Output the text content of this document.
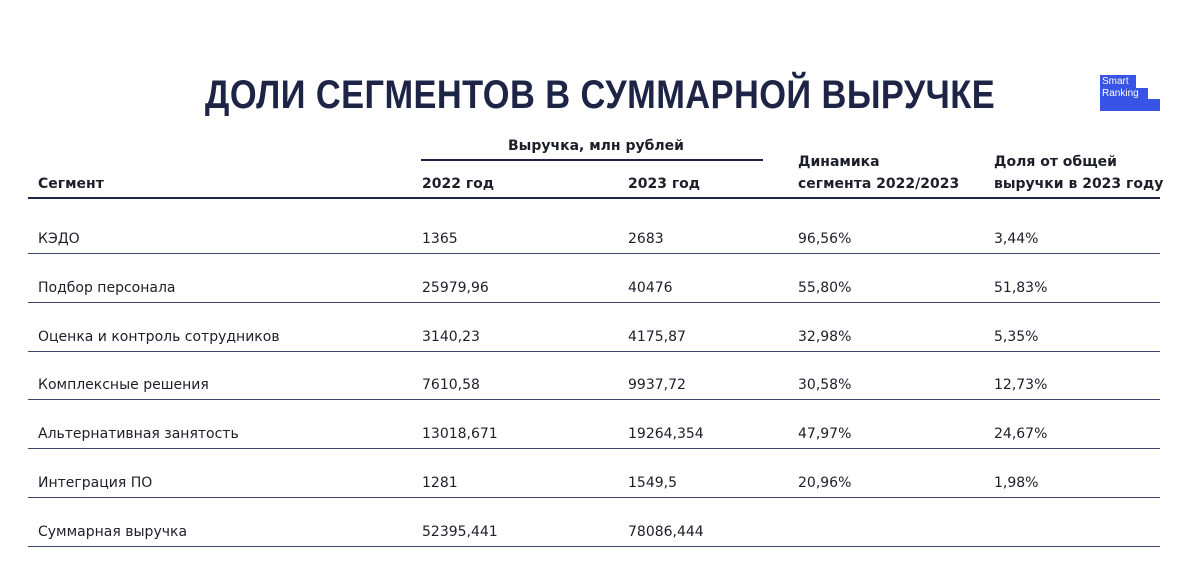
ДОЛИ СЕГМЕНТОВ В СУММАРНОЙ ВЫРУЧКЕ	Smart
Ranking
Выручка, млн рублей
Сегмент	2022 год	2023 год
Динамика
сегмента 2022/2023
Доля от общей
выручки в 2023 году
КЭДО	1365	2683	96,56%	3,44%
Подбор персонала	25979,96	40476	55,80%	51,83%
Оценка и контроль сотрудников	3140,23	4175,87	32,98%	5,35%
Комплексные решения	7610,58	9937,72	30,58%	12,73%
Альтернативная занятость	13018,671	19264,354	47,97%	24,67%
Интеграция ПО	1281	1549,5	20,96%	1,98%
Суммарная выручка	52395,441	78086,444
